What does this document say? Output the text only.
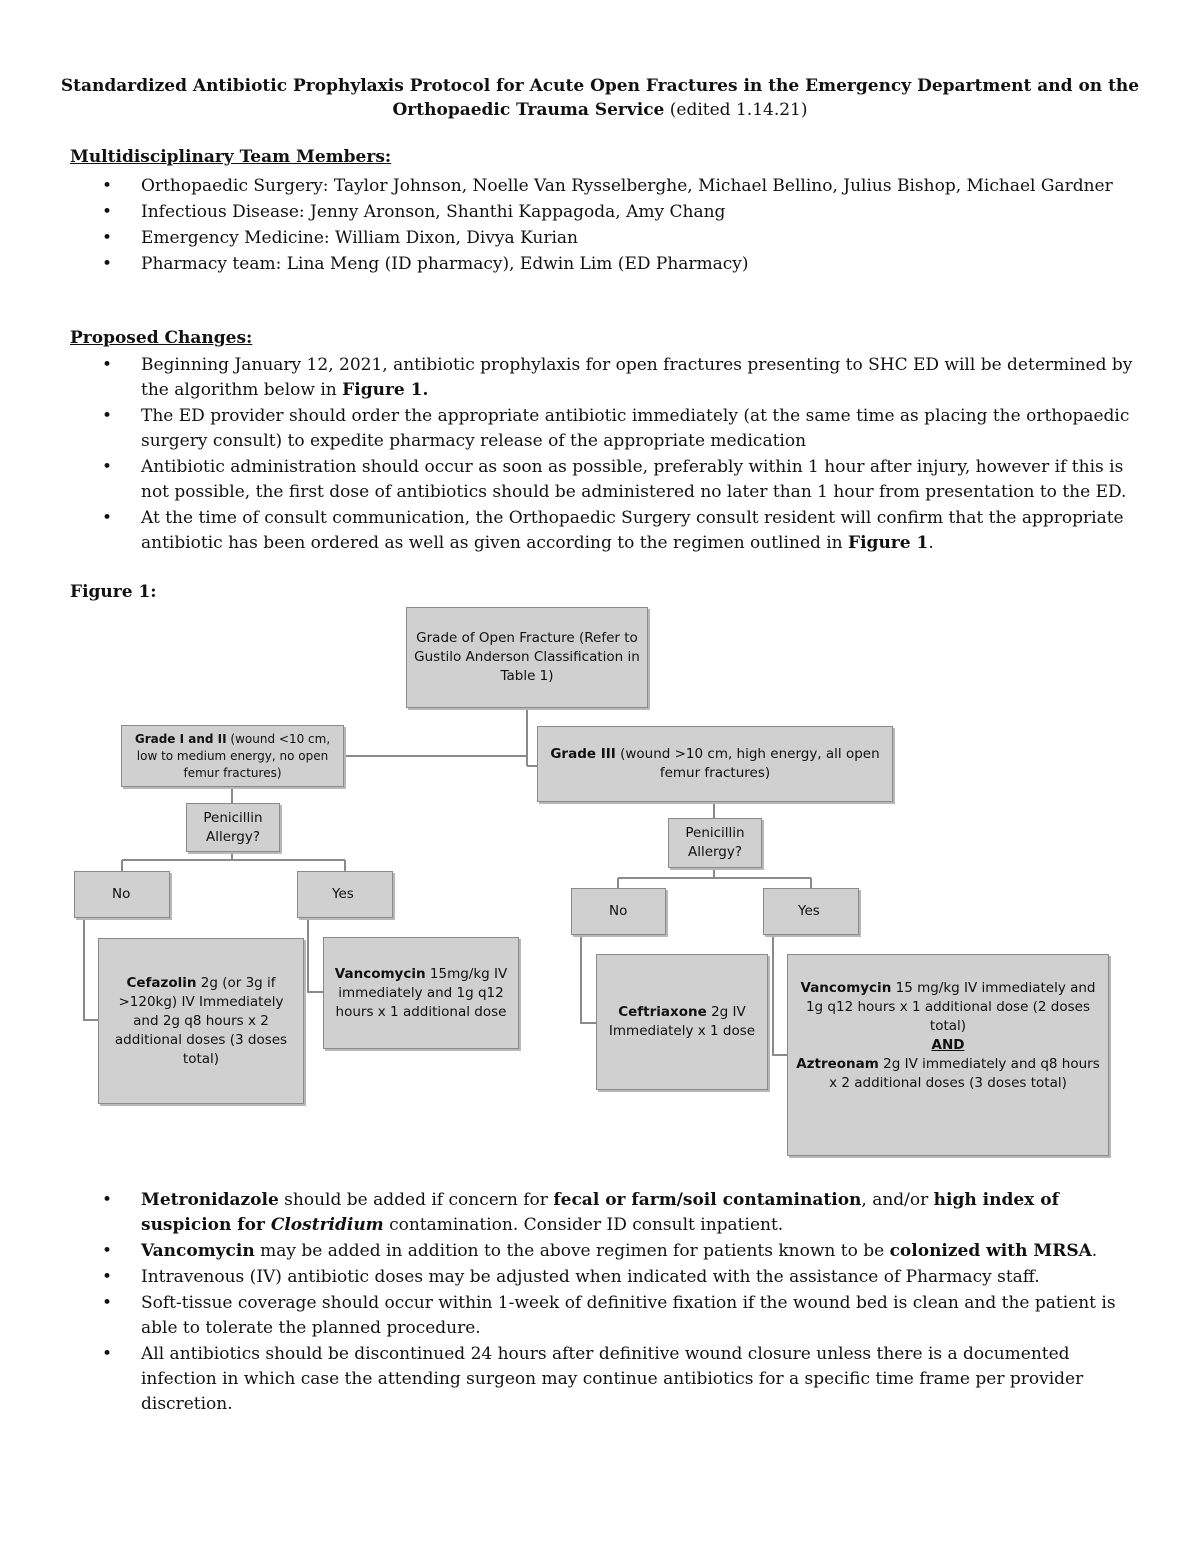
Standardized Antibiotic Prophylaxis Protocol for Acute Open Fractures in the Emergency Department and on the Orthopaedic Trauma Service (edited 1.14.21)
Multidisciplinary Team Members:
• Orthopaedic Surgery: Taylor Johnson, Noelle Van Rysselberghe, Michael Bellino, Julius Bishop, Michael Gardner
• Infectious Disease: Jenny Aronson, Shanthi Kappagoda, Amy Chang
• Emergency Medicine: William Dixon, Divya Kurian
• Pharmacy team: Lina Meng (ID pharmacy), Edwin Lim (ED Pharmacy)
Proposed Changes:
• Beginning January 12, 2021, antibiotic prophylaxis for open fractures presenting to SHC ED will be determined by the algorithm below in Figure 1.
• The ED provider should order the appropriate antibiotic immediately (at the same time as placing the orthopaedic surgery consult) to expedite pharmacy release of the appropriate medication
• Antibiotic administration should occur as soon as possible, preferably within 1 hour after injury, however if this is not possible, the first dose of antibiotics should be administered no later than 1 hour from presentation to the ED.
• At the time of consult communication, the Orthopaedic Surgery consult resident will confirm that the appropriate antibiotic has been ordered as well as given according to the regimen outlined in Figure 1.
Figure 1:
Grade of Open Fracture (Refer to Gustilo Anderson Classification in Table 1)
Grade I and II (wound <10 cm, low to medium energy, no open femur fractures)
Grade III (wound >10 cm, high energy, all open femur fractures)
Penicillin Allergy?	Penicillin Allergy?
No	Yes
No	Yes
Cefazolin 2g (or 3g if >120kg) IV Immediately and 2g q8 hours x 2 additional doses (3 doses total)
Vancomycin 15mg/kg IV immediately and 1g q12 hours x 1 additional dose	Ceftriaxone 2g IV Immediately x 1 dose
Vancomycin 15 mg/kg IV immediately and 1g q12 hours x 1 additional dose (2 doses total)
AND
Aztreonam 2g IV immediately and q8 hours x 2 additional doses (3 doses total)
• Metronidazole should be added if concern for fecal or farm/soil contamination, and/or high index of suspicion for Clostridium contamination. Consider ID consult inpatient.
• Vancomycin may be added in addition to the above regimen for patients known to be colonized with MRSA.
• Intravenous (IV) antibiotic doses may be adjusted when indicated with the assistance of Pharmacy staff.
• Soft-tissue coverage should occur within 1-week of definitive fixation if the wound bed is clean and the patient is able to tolerate the planned procedure.
• All antibiotics should be discontinued 24 hours after definitive wound closure unless there is a documented infection in which case the attending surgeon may continue antibiotics for a specific time frame per provider discretion.
